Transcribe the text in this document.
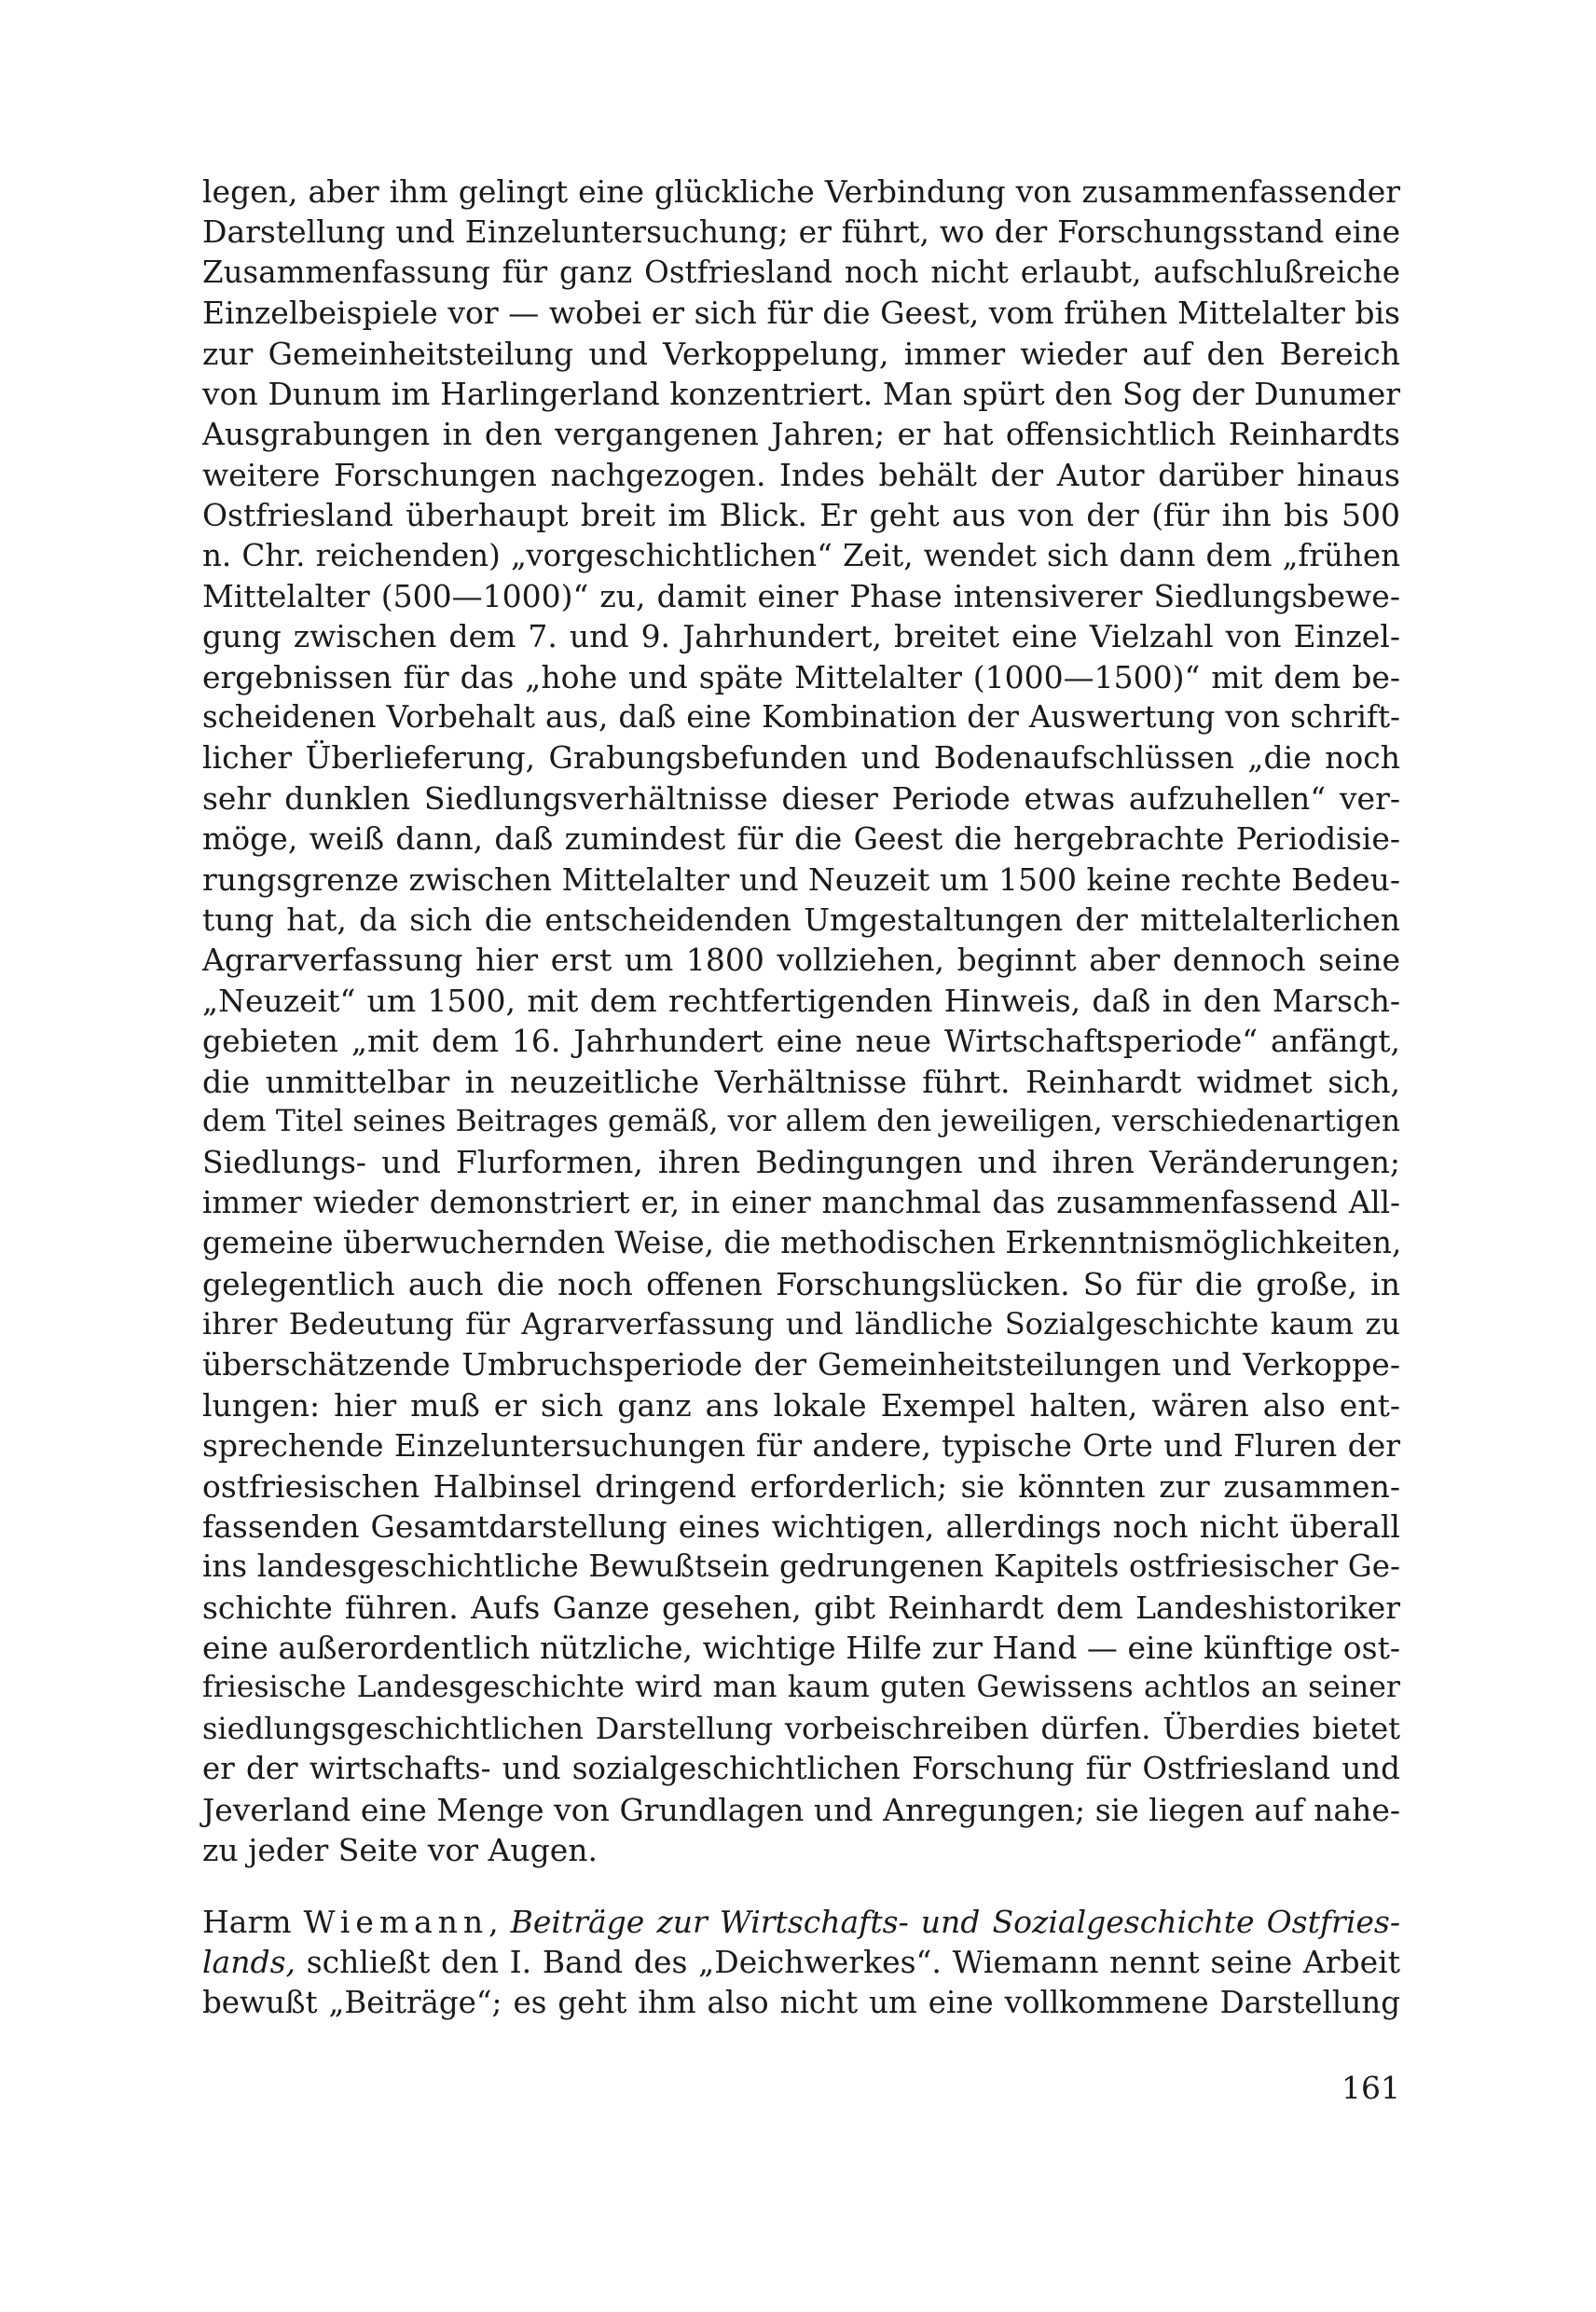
legen, aber ihm gelingt eine glückliche Verbindung von zusammenfassender
Darstellung und Einzeluntersuchung; er führt, wo der Forschungsstand eine
Zusammenfassung für ganz Ostfriesland noch nicht erlaubt, aufschlußreiche
Einzelbeispiele vor — wobei er sich für die Geest, vom frühen Mittelalter bis
zur Gemeinheitsteilung und Verkoppelung, immer wieder auf den Bereich
von Dunum im Harlingerland konzentriert. Man spürt den Sog der Dunumer
Ausgrabungen in den vergangenen Jahren; er hat offensichtlich Reinhardts
weitere Forschungen nachgezogen. Indes behält der Autor darüber hinaus
Ostfriesland überhaupt breit im Blick. Er geht aus von der (für ihn bis 500
n. Chr. reichenden) „vorgeschichtlichen“ Zeit, wendet sich dann dem „frühen
Mittelalter (500—1000)“ zu, damit einer Phase intensiverer Siedlungsbewe-
gung zwischen dem 7. und 9. Jahrhundert, breitet eine Vielzahl von Einzel-
ergebnissen für das „hohe und späte Mittelalter (1000—1500)“ mit dem be-
scheidenen Vorbehalt aus, daß eine Kombination der Auswertung von schrift-
licher Überlieferung, Grabungsbefunden und Bodenaufschlüssen „die noch
sehr dunklen Siedlungsverhältnisse dieser Periode etwas aufzuhellen“ ver-
möge, weiß dann, daß zumindest für die Geest die hergebrachte Periodisie-
rungsgrenze zwischen Mittelalter und Neuzeit um 1500 keine rechte Bedeu-
tung hat, da sich die entscheidenden Umgestaltungen der mittelalterlichen
Agrarverfassung hier erst um 1800 vollziehen, beginnt aber dennoch seine
„Neuzeit“ um 1500, mit dem rechtfertigenden Hinweis, daß in den Marsch-
gebieten „mit dem 16. Jahrhundert eine neue Wirtschaftsperiode“ anfängt,
die unmittelbar in neuzeitliche Verhältnisse führt. Reinhardt widmet sich,
dem Titel seines Beitrages gemäß, vor allem den jeweiligen, verschiedenartigen
Siedlungs- und Flurformen, ihren Bedingungen und ihren Veränderungen;
immer wieder demonstriert er, in einer manchmal das zusammenfassend All-
gemeine überwuchernden Weise, die methodischen Erkenntnismöglichkeiten,
gelegentlich auch die noch offenen Forschungslücken. So für die große, in
ihrer Bedeutung für Agrarverfassung und ländliche Sozialgeschichte kaum zu
überschätzende Umbruchsperiode der Gemeinheitsteilungen und Verkoppe-
lungen: hier muß er sich ganz ans lokale Exempel halten, wären also ent-
sprechende Einzeluntersuchungen für andere, typische Orte und Fluren der
ostfriesischen Halbinsel dringend erforderlich; sie könnten zur zusammen-
fassenden Gesamtdarstellung eines wichtigen, allerdings noch nicht überall
ins landesgeschichtliche Bewußtsein gedrungenen Kapitels ostfriesischer Ge-
schichte führen. Aufs Ganze gesehen, gibt Reinhardt dem Landeshistoriker
eine außerordentlich nützliche, wichtige Hilfe zur Hand — eine künftige ost-
friesische Landesgeschichte wird man kaum guten Gewissens achtlos an seiner
siedlungsgeschichtlichen Darstellung vorbeischreiben dürfen. Überdies bietet
er der wirtschafts- und sozialgeschichtlichen Forschung für Ostfriesland und
Jeverland eine Menge von Grundlagen und Anregungen; sie liegen auf nahe-
zu jeder Seite vor Augen.
Harm Wiemann, Beiträge zur Wirtschafts- und Sozialgeschichte Ostfries-
lands, schließt den I. Band des „Deichwerkes“. Wiemann nennt seine Arbeit
bewußt „Beiträge“; es geht ihm also nicht um eine vollkommene Darstellung
161
